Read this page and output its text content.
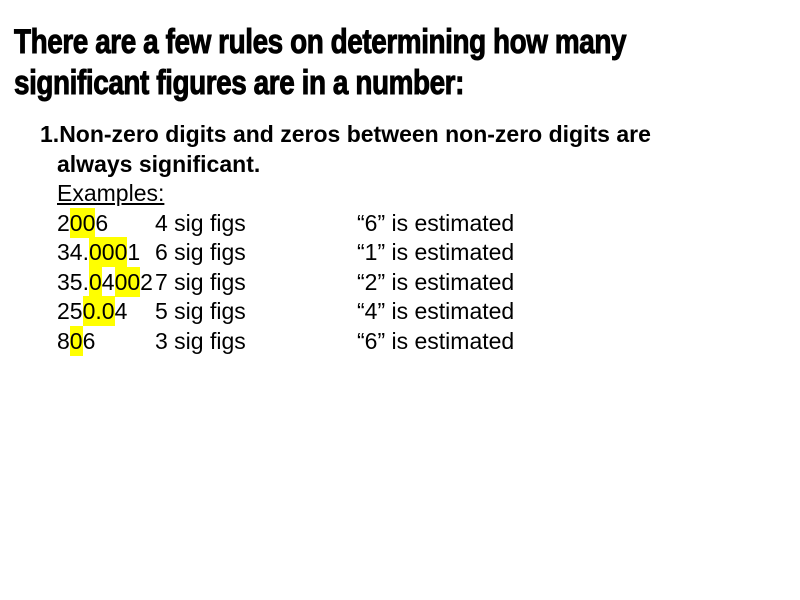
There are a few rules on determining how many
significant figures are in a number:
1.Non-zero digits and zeros between non-zero digits are
always significant.
Examples:
2006	4 sig figs	“6” is estimated
34.0001 6 sig figs	“1” is estimated
35.04002 7 sig figs	“2” is estimated
250.04	5 sig figs	“4” is estimated
806	3 sig figs	“6” is estimated
